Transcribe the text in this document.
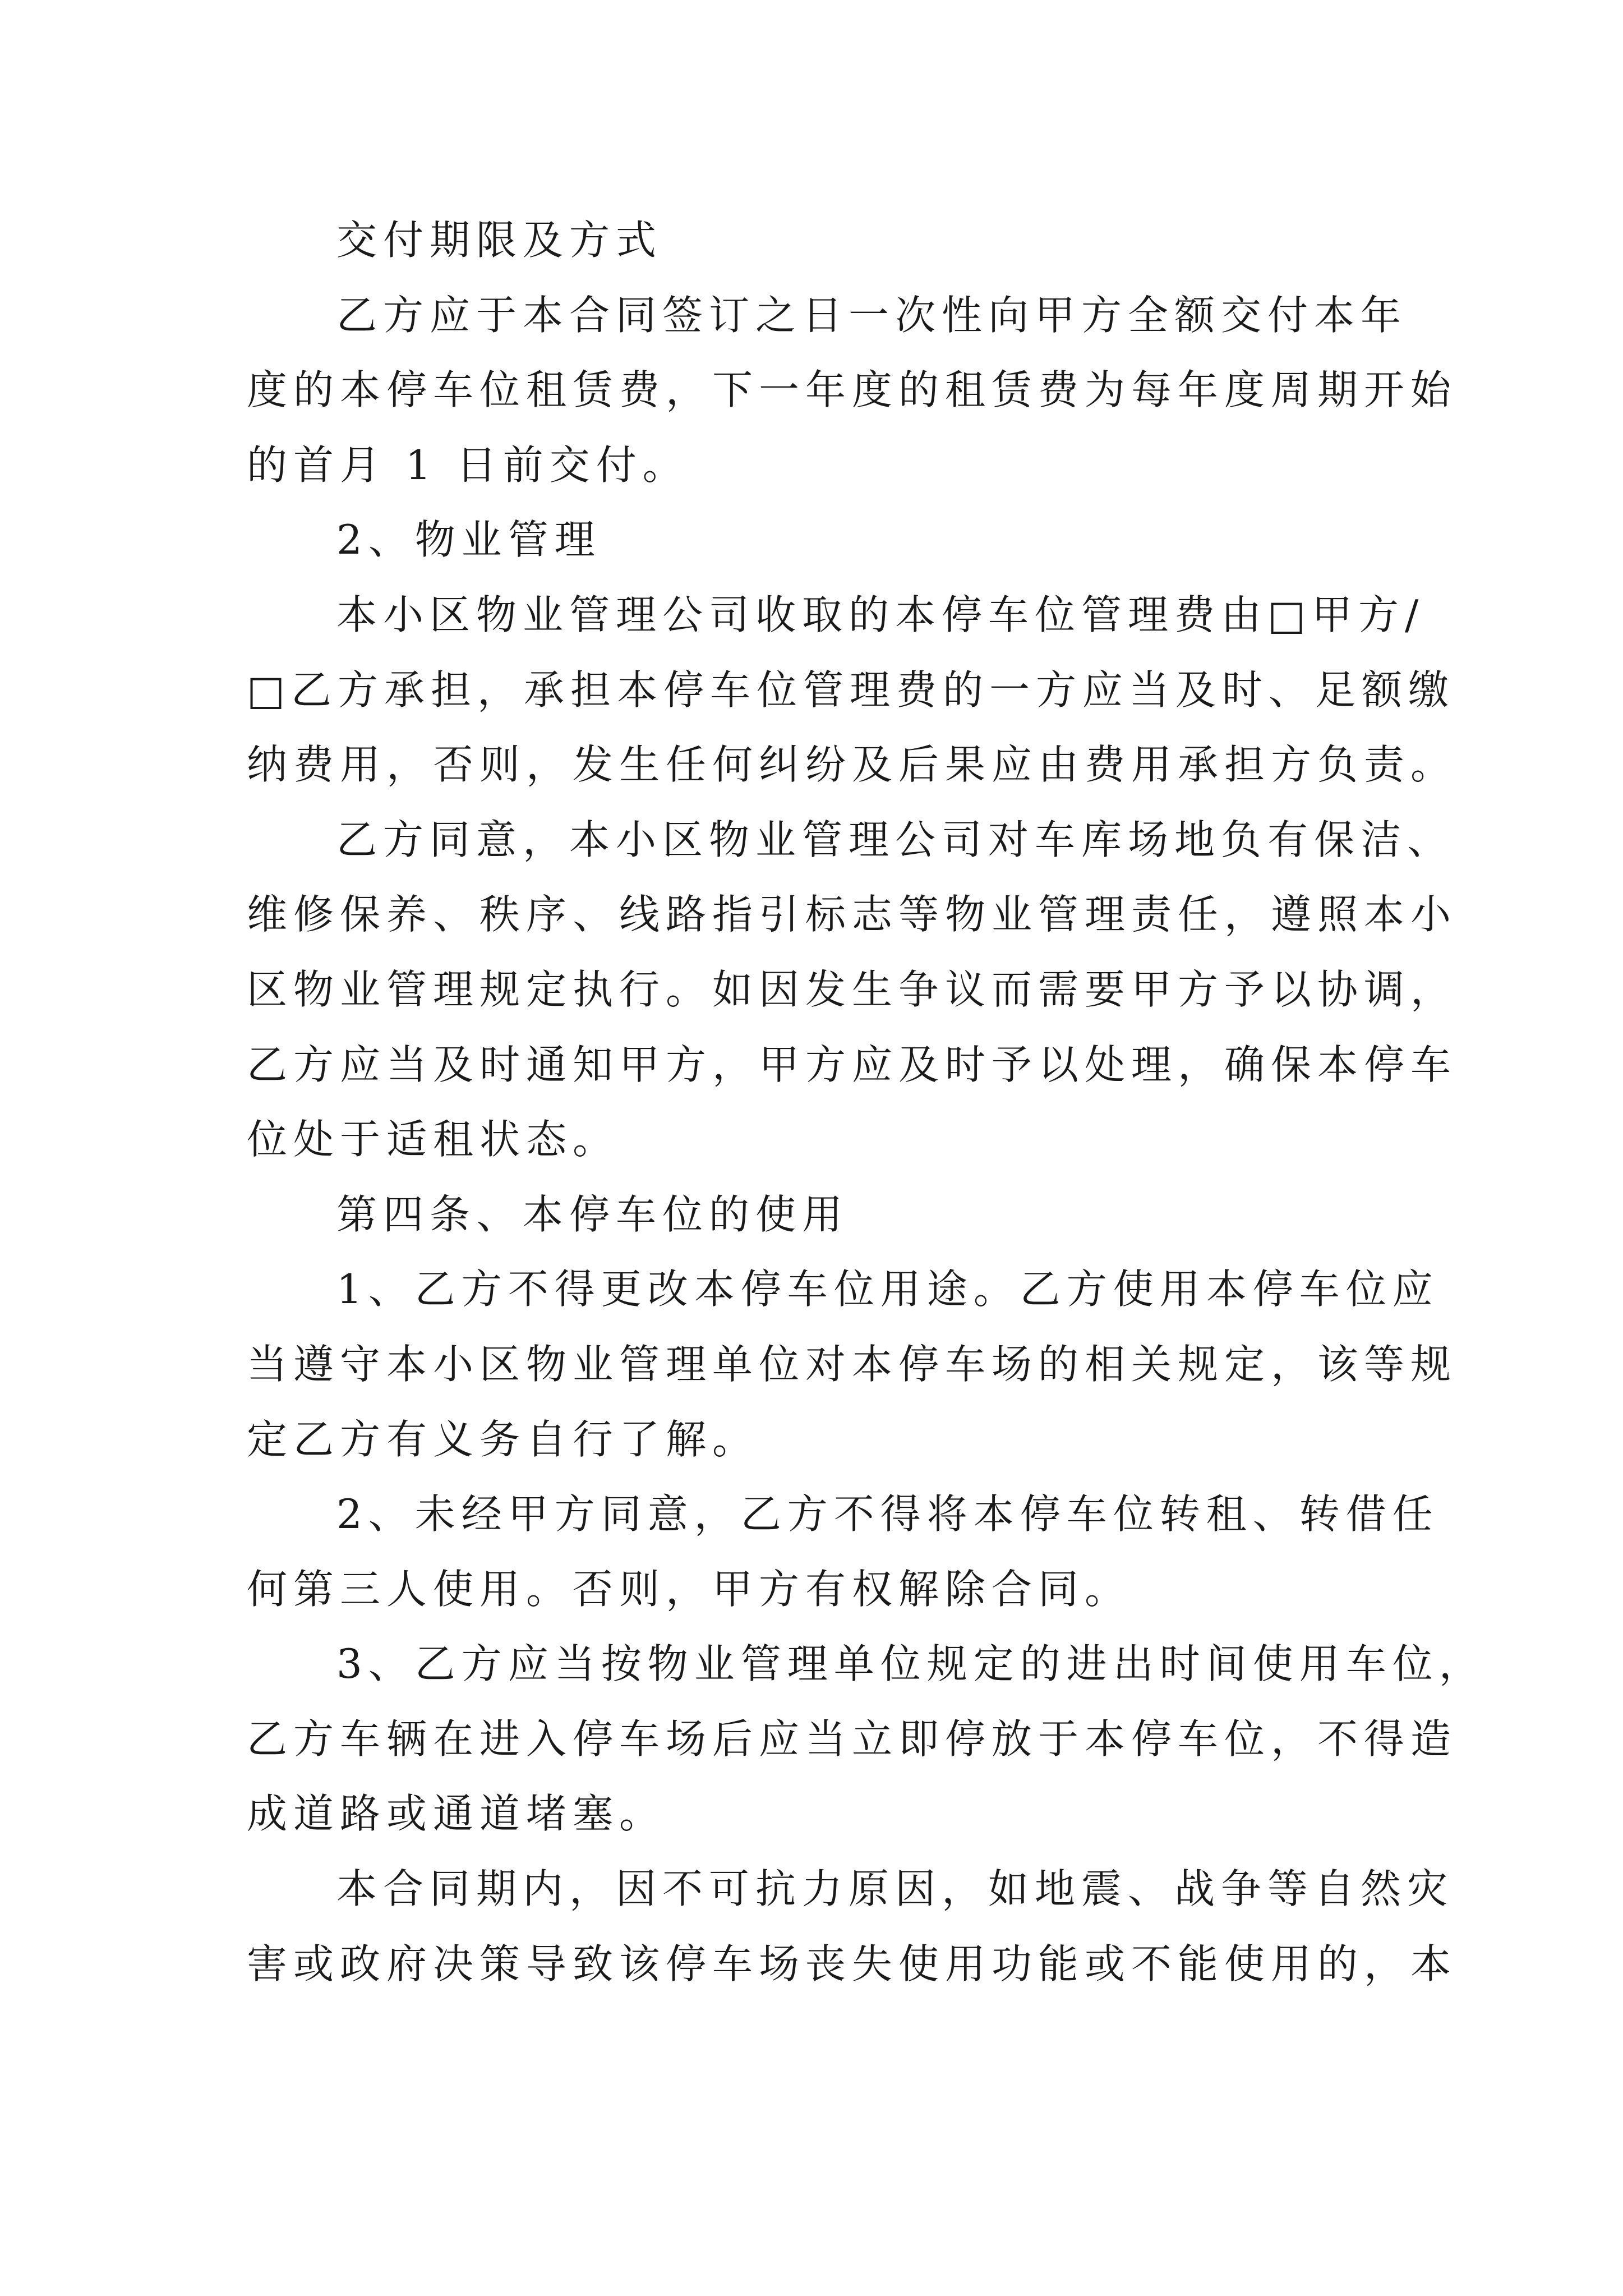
交付期限及方式
乙方应于本合同签订之日一次性向甲方全额交付本年
度的本停车位租赁费，下一年度的租赁费为每年度周期开始
的首月 1 日前交付。
2、物业管理
本小区物业管理公司收取的本停车位管理费由□甲方/
□乙方承担，承担本停车位管理费的一方应当及时、足额缴
纳费用，否则，发生任何纠纷及后果应由费用承担方负责。
乙方同意，本小区物业管理公司对车库场地负有保洁、
维修保养、秩序、线路指引标志等物业管理责任，遵照本小
区物业管理规定执行。如因发生争议而需要甲方予以协调，
乙方应当及时通知甲方，甲方应及时予以处理，确保本停车
位处于适租状态。
第四条、本停车位的使用
1、乙方不得更改本停车位用途。乙方使用本停车位应
当遵守本小区物业管理单位对本停车场的相关规定，该等规
定乙方有义务自行了解。
2、未经甲方同意，乙方不得将本停车位转租、转借任
何第三人使用。否则，甲方有权解除合同。
3、乙方应当按物业管理单位规定的进出时间使用车位，
乙方车辆在进入停车场后应当立即停放于本停车位，不得造
成道路或通道堵塞。
本合同期内，因不可抗力原因，如地震、战争等自然灾
害或政府决策导致该停车场丧失使用功能或不能使用的，本
